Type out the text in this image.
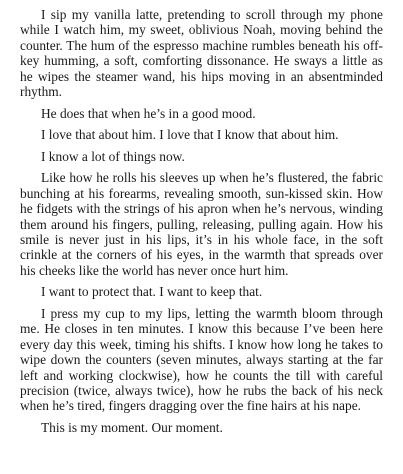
I sip my vanilla latte, pretending to scroll through my phone while I watch him, my sweet, oblivious Noah, moving behind the counter. The hum of the espresso machine rumbles beneath his off-key humming, a soft, comforting dissonance. He sways a little as he wipes the steamer wand, his hips moving in an absentminded rhythm.

He does that when he’s in a good mood.

I love that about him. I love that I know that about him.

I know a lot of things now.

Like how he rolls his sleeves up when he’s flustered, the fabric bunching at his forearms, revealing smooth, sun-kissed skin. How he fidgets with the strings of his apron when he’s nervous, winding them around his fingers, pulling, releasing, pulling again. How his smile is never just in his lips, it’s in his whole face, in the soft crinkle at the corners of his eyes, in the warmth that spreads over his cheeks like the world has never once hurt him.

I want to protect that. I want to keep that.

I press my cup to my lips, letting the warmth bloom through me. He closes in ten minutes. I know this because I’ve been here every day this week, timing his shifts. I know how long he takes to wipe down the counters (seven minutes, always starting at the far left and working clockwise), how he counts the till with careful precision (twice, always twice), how he rubs the back of his neck when he’s tired, fingers dragging over the fine hairs at his nape.

This is my moment. Our moment.
